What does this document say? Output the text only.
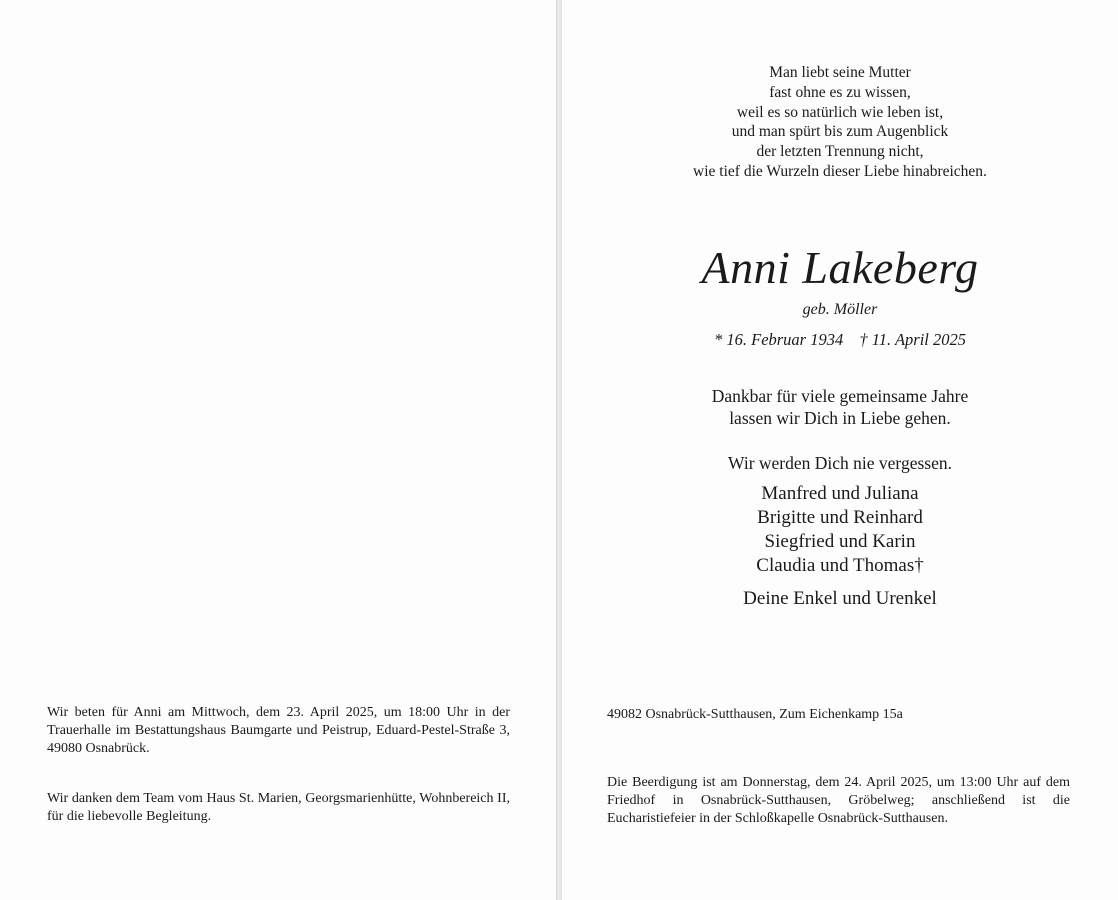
Wir beten für Anni am Mittwoch, dem 23. April 2025, um 18:00 Uhr in der Trauerhalle im Bestattungshaus Baumgarte und Peistrup, Eduard-Pestel-Straße 3, 49080 Osnabrück.

Wir danken dem Team vom Haus St. Marien, Georgsmarienhütte, Wohnbereich II, für die liebevolle Begleitung.

Man liebt seine Mutter
fast ohne es zu wissen,
weil es so natürlich wie leben ist,
und man spürt bis zum Augenblick
der letzten Trennung nicht,
wie tief die Wurzeln dieser Liebe hinabreichen.
Anni Lakeberg
geb. Möller
* 16. Februar 1934 † 11. April 2025
Dankbar für viele gemeinsame Jahre
lassen wir Dich in Liebe gehen.
Wir werden Dich nie vergessen.
Manfred und Juliana
Brigitte und Reinhard
Siegfried und Karin
Claudia und Thomas†
Deine Enkel und Urenkel

49082 Osnabrück-Sutthausen, Zum Eichenkamp 15a

Die Beerdigung ist am Donnerstag, dem 24. April 2025, um 13:00 Uhr auf dem Friedhof in Osnabrück-Sutthausen, Gröbelweg; anschließend ist die Eucharistiefeier in der Schloßkapelle Osnabrück-Sutthausen.
